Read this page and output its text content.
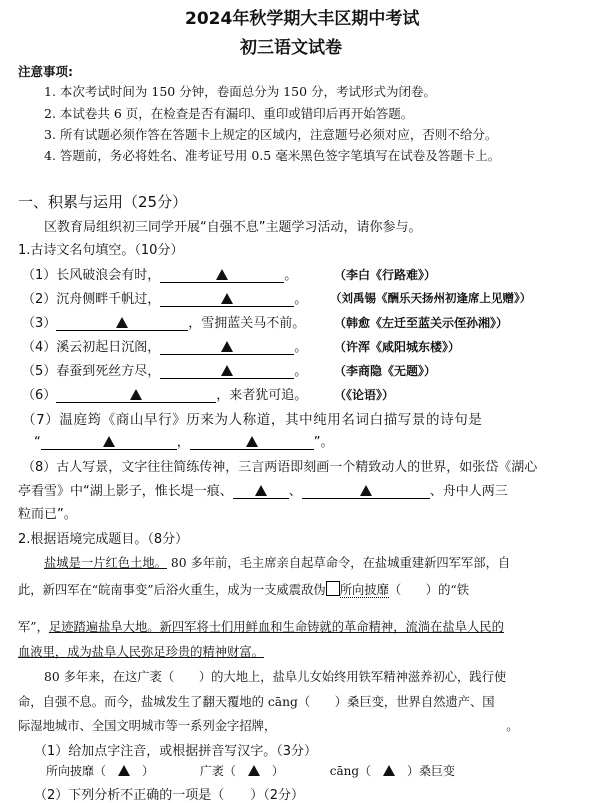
2024年秋学期大丰区期中考试
初三语文试卷
注意事项:
1. 本次考试时间为 150 分钟，卷面总分为 150 分，考试形式为闭卷。
2. 本试卷共 6 页，在检查是否有漏印、重印或错印后再开始答题。
3. 所有试题必须作答在答题卡上规定的区域内，注意题号必须对应，否则不给分。
4. 答题前，务必将姓名、准考证号用 0.5 毫米黑色签字笔填写在试卷及答题卡上。
一、积累与运用（25分）
区教育局组织初三同学开展“自强不息”主题学习活动，请你参与。
1.古诗文名句填空。（10分）
（1）长风破浪会有时，	。	（李白《行路难》）
（2）沉舟侧畔千帆过，	。 （刘禹锡《酬乐天扬州初逢席上见赠》）
（3）	，雪拥蓝关马不前。 （韩愈《左迁至蓝关示侄孙湘》）
（4）溪云初起日沉阁，	。 （许浑《咸阳城东楼》）
（5）春蚕到死丝方尽，	。 （李商隐《无题》）
（6）	，来者犹可追。 （《论语》）
（7）温庭筠《商山早行》历来为人称道，其中纯用名词白描写景的诗句是
“	，	”。
（8）古人写景，文字往往简练传神，三言两语即刻画一个精致动人的世界，如张岱《湖心
亭看雪》中“湖上影子，惟长堤一痕、	、	、舟中人两三
粒而已”。
2.根据语境完成题目。（8分）
盐城是一片红色土地。 80 多年前，毛主席亲自起草命令，在盐城重建新四军军部，自
此，新四军在“皖南事变”后浴火重生，成为一支威震敌伪 所向披靡（　　）的“铁
军”，足迹踏遍盐阜大地。新四军将士们用鲜血和生命铸就的革命精神，流淌在盐阜人民的
血液里，成为盐阜人民弥足珍贵的精神财富。
80 多年来，在这广袤（　　）的大地上，盐阜儿女始终用铁军精神滋养初心，践行使
命，自强不息。而今，盐城发生了翻天覆地的 cāng（　　）桑巨变，世界自然遗产、国
际湿地城市、全国文明城市等一系列金字招牌，	。
（1）给加点字注音，或根据拼音写汉字。（3分）
所向披靡（	）	广袤（	）	cāng（	）桑巨变
（2）下列分析不正确的一项是（　　）（2分）
